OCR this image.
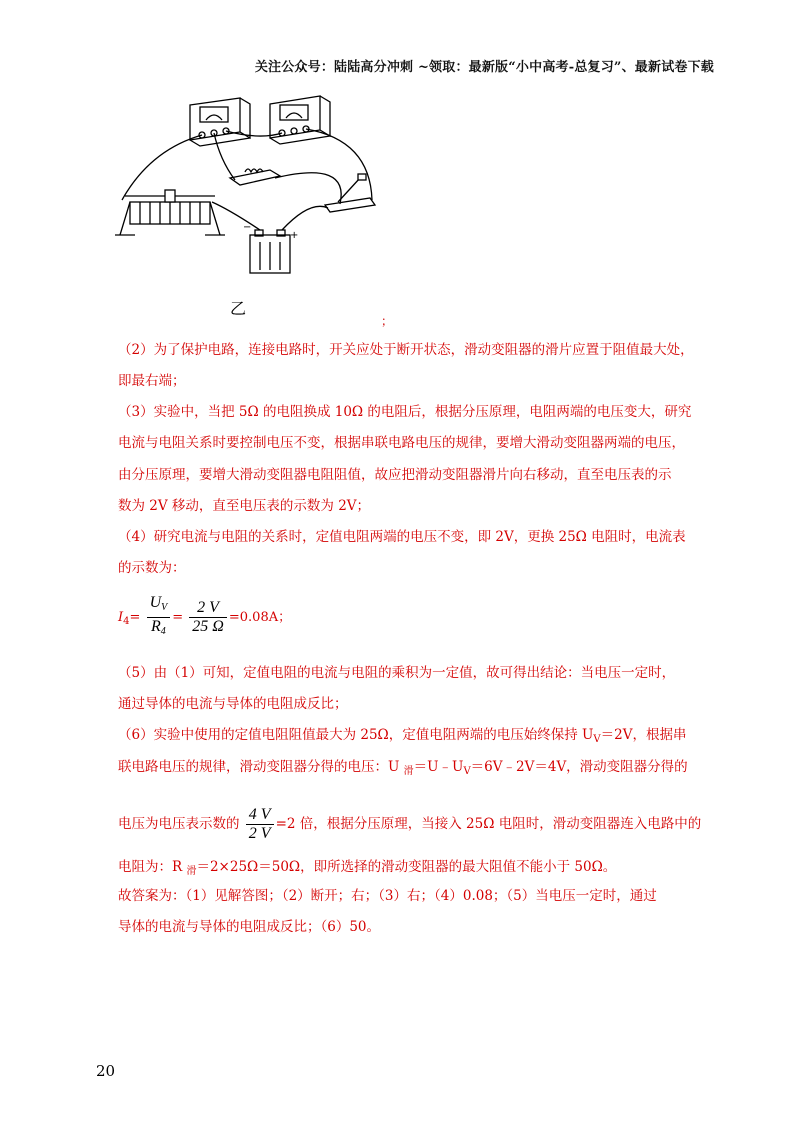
关注公众号：陆陆高分冲刺 ~领取：最新版“小中高考-总复习”、最新试卷下载
−
+
乙
；
（2）为了保护电路，连接电路时，开关应处于断开状态，滑动变阻器的滑片应置于阻值最大处，
即最右端；
（3）实验中，当把 5Ω 的电阻换成 10Ω 的电阻后，根据分压原理，电阻两端的电压变大，研究
电流与电阻关系时要控制电压不变，根据串联电路电压的规律，要增大滑动变阻器两端的电压，
由分压原理，要增大滑动变阻器电阻阻值，故应把滑动变阻器滑片向右移动，直至电压表的示
数为 2V 移动，直至电压表的示数为 2V；
（4）研究电流与电阻的关系时，定值电阻两端的电压不变，即 2V，更换 25Ω 电阻时，电流表
的示数为：
$I_4= \frac{U_V}{R_4} = \frac{2 V}{25 \Omega} =0.08A$；
（5）由（1）可知，定值电阻的电流与电阻的乘积为一定值，故可得出结论：当电压一定时，
通过导体的电流与导体的电阻成反比；
（6）实验中使用的定值电阻阻值最大为 25Ω，定值电阻两端的电压始终保持 $U_V=2V$，根据串
联电路电压的规律，滑动变阻器分得的电压：U $_滑=U﹣U_V=6V﹣2V=4V$，滑动变阻器分得的
电压为电压表示数的 $\frac{4 V}{2 V} =2$ 倍，根据分压原理，当接入 25Ω 电阻时，滑动变阻器连入电路中的
电阻为：R $_滑$＝2×25Ω＝50Ω，即所选择的滑动变阻器的最大阻值不能小于 50Ω。
故答案为：（1）见解答图；（2）断开；右；（3）右；（4）0.08；（5）当电压一定时，通过
导体的电流与导体的电阻成反比；（6）50。
20
